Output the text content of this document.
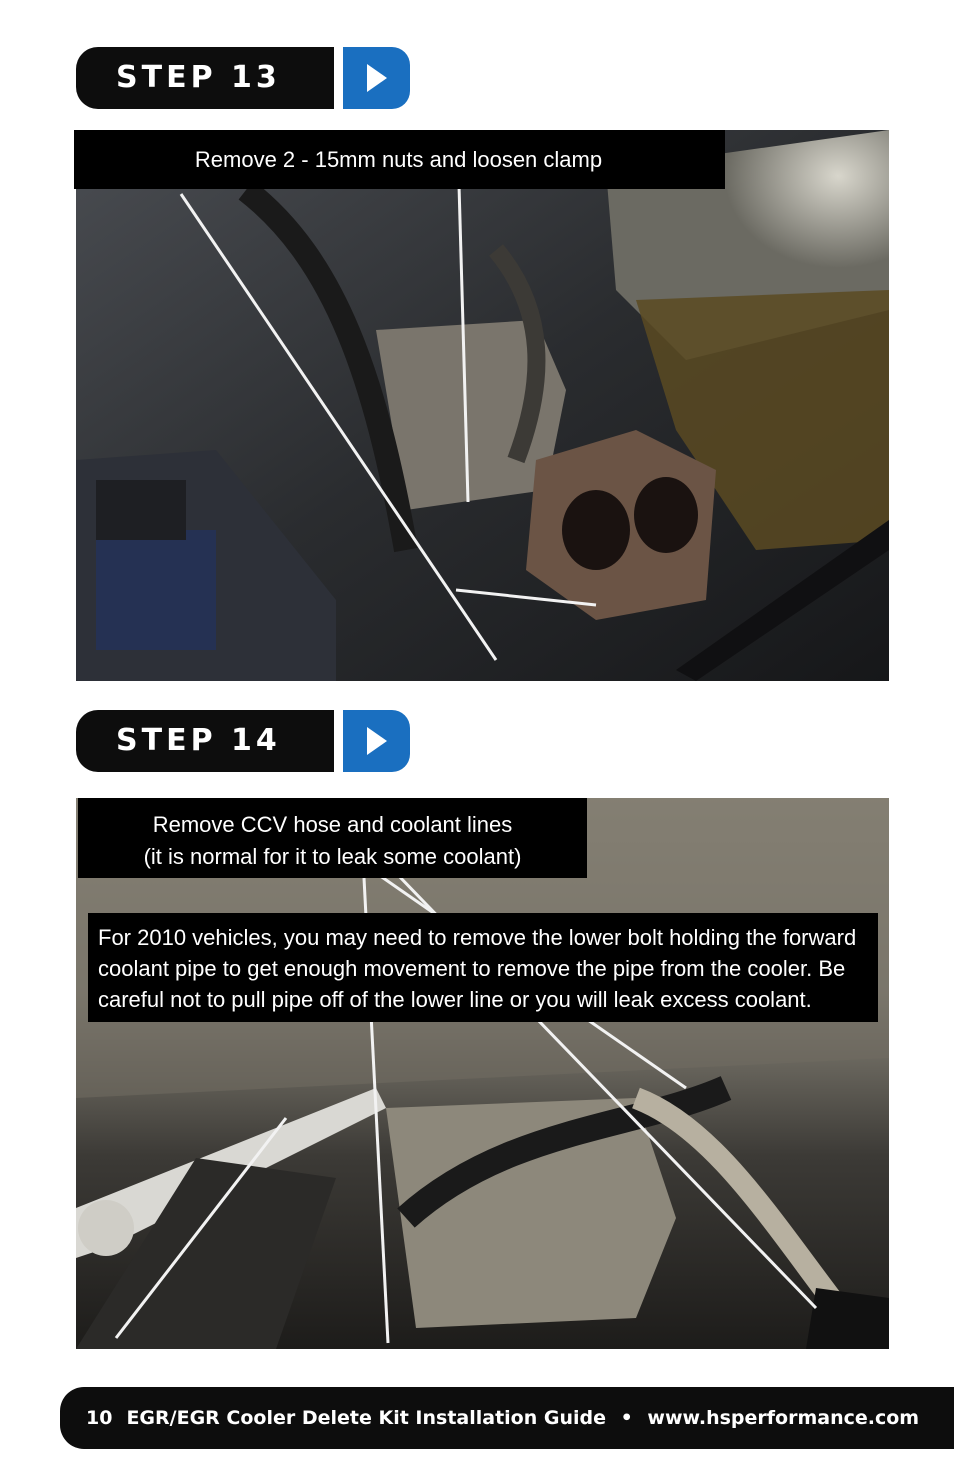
STEP 13
Remove 2 - 15mm nuts and loosen clamp
STEP 14
Remove CCV hose and coolant lines
(it is normal for it to leak some coolant)
For 2010 vehicles, you may need to remove the lower bolt holding the forward coolant pipe to get enough movement to remove the pipe from the cooler. Be careful not to pull pipe off of the lower line or you will leak excess coolant.
10 EGR/EGR Cooler Delete Kit Installation Guide • www.hsperformance.com
